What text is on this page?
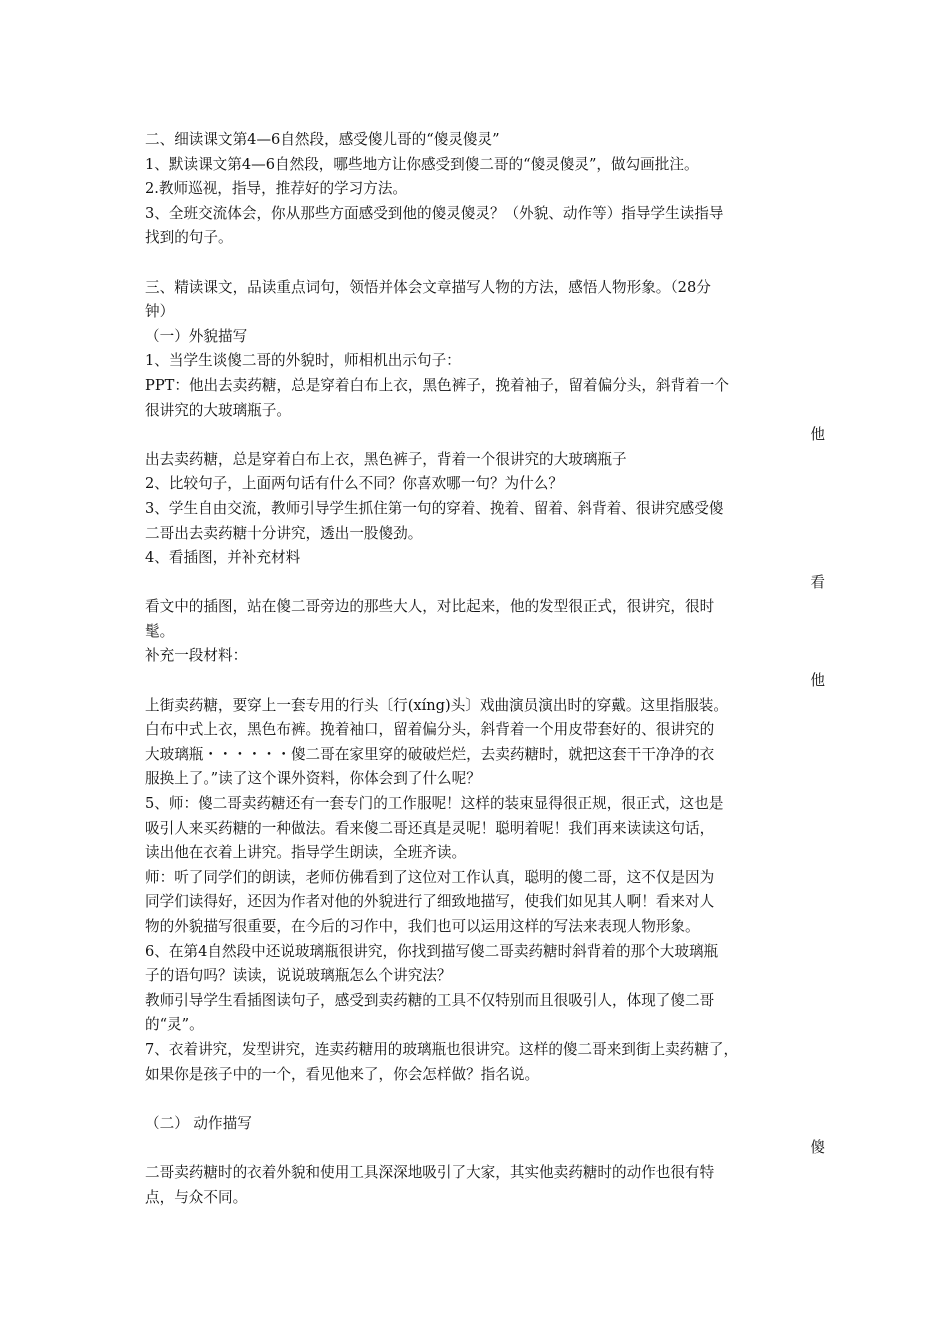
二、细读课文第4—6自然段，感受傻儿哥的“傻灵傻灵”
1、默读课文第4—6自然段，哪些地方让你感受到傻二哥的“傻灵傻灵”，做勾画批注。
2.教师巡视，指导，推荐好的学习方法。
3、全班交流体会，你从那些方面感受到他的傻灵傻灵？（外貌、动作等）指导学生读指导
找到的句子。
三、精读课文，品读重点词句，领悟并体会文章描写人物的方法，感悟人物形象。（28分
钟）
（一）外貌描写
1、当学生谈傻二哥的外貌时，师相机出示句子：
PPT：他出去卖药糖，总是穿着白布上衣，黑色裤子，挽着袖子，留着偏分头，斜背着一个
很讲究的大玻璃瓶子。
他
出去卖药糖，总是穿着白布上衣，黑色裤子，背着一个很讲究的大玻璃瓶子
2、比较句子，上面两句话有什么不同？你喜欢哪一句？为什么？
3、学生自由交流，教师引导学生抓住第一句的穿着、挽着、留着、斜背着、很讲究感受傻
二哥出去卖药糖十分讲究，透出一股傻劲。
4、看插图，并补充材料
看
看文中的插图，站在傻二哥旁边的那些大人，对比起来，他的发型很正式，很讲究，很时
髦。
补充一段材料：
他
上街卖药糖，要穿上一套专用的行头〔行(xíng)头〕戏曲演员演出时的穿戴。这里指服装。
白布中式上衣，黑色布裤。挽着袖口，留着偏分头，斜背着一个用皮带套好的、很讲究的
大玻璃瓶・・・・・・傻二哥在家里穿的破破烂烂，去卖药糖时，就把这套干干净净的衣
服换上了。”读了这个课外资料，你体会到了什么呢？
5、师：傻二哥卖药糖还有一套专门的工作服呢！这样的装束显得很正规，很正式，这也是
吸引人来买药糖的一种做法。看来傻二哥还真是灵呢！聪明着呢！我们再来读读这句话，
读出他在衣着上讲究。指导学生朗读，全班齐读。
师：听了同学们的朗读，老师仿佛看到了这位对工作认真，聪明的傻二哥，这不仅是因为
同学们读得好，还因为作者对他的外貌进行了细致地描写，使我们如见其人啊！看来对人
物的外貌描写很重要，在今后的习作中，我们也可以运用这样的写法来表现人物形象。
6、在第4自然段中还说玻璃瓶很讲究，你找到描写傻二哥卖药糖时斜背着的那个大玻璃瓶
子的语句吗？读读，说说玻璃瓶怎么个讲究法？
教师引导学生看插图读句子，感受到卖药糖的工具不仅特别而且很吸引人，体现了傻二哥
的“灵”。
7、衣着讲究，发型讲究，连卖药糖用的玻璃瓶也很讲究。这样的傻二哥来到街上卖药糖了，
如果你是孩子中的一个，看见他来了，你会怎样做？指名说。
（二） 动作描写
傻
二哥卖药糖时的衣着外貌和使用工具深深地吸引了大家，其实他卖药糖时的动作也很有特
点，与众不同。
